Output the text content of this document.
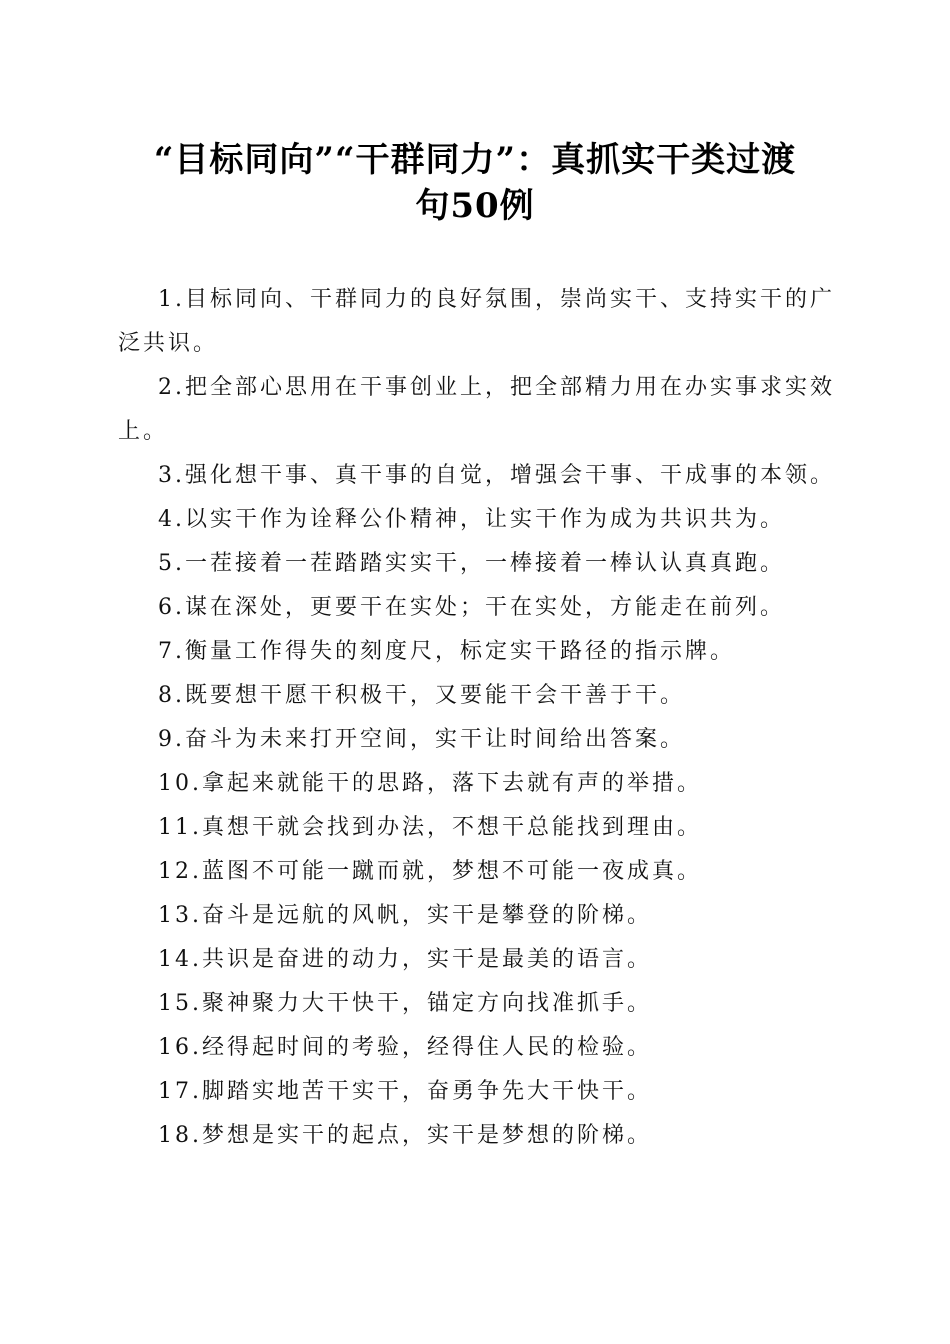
“目标同向”“干群同力”：真抓实干类过渡
句50例

1.目标同向、干群同力的良好氛围，崇尚实干、支持实干的广泛共识。

2.把全部心思用在干事创业上，把全部精力用在办实事求实效上。

3.强化想干事、真干事的自觉，增强会干事、干成事的本领。

4.以实干作为诠释公仆精神，让实干作为成为共识共为。

5.一茬接着一茬踏踏实实干，一棒接着一棒认认真真跑。

6.谋在深处，更要干在实处；干在实处，方能走在前列。

7.衡量工作得失的刻度尺，标定实干路径的指示牌。

8.既要想干愿干积极干，又要能干会干善于干。

9.奋斗为未来打开空间，实干让时间给出答案。

10.拿起来就能干的思路，落下去就有声的举措。

11.真想干就会找到办法，不想干总能找到理由。

12.蓝图不可能一蹴而就，梦想不可能一夜成真。

13.奋斗是远航的风帆，实干是攀登的阶梯。

14.共识是奋进的动力，实干是最美的语言。

15.聚神聚力大干快干，锚定方向找准抓手。

16.经得起时间的考验，经得住人民的检验。

17.脚踏实地苦干实干，奋勇争先大干快干。

18.梦想是实干的起点，实干是梦想的阶梯。
